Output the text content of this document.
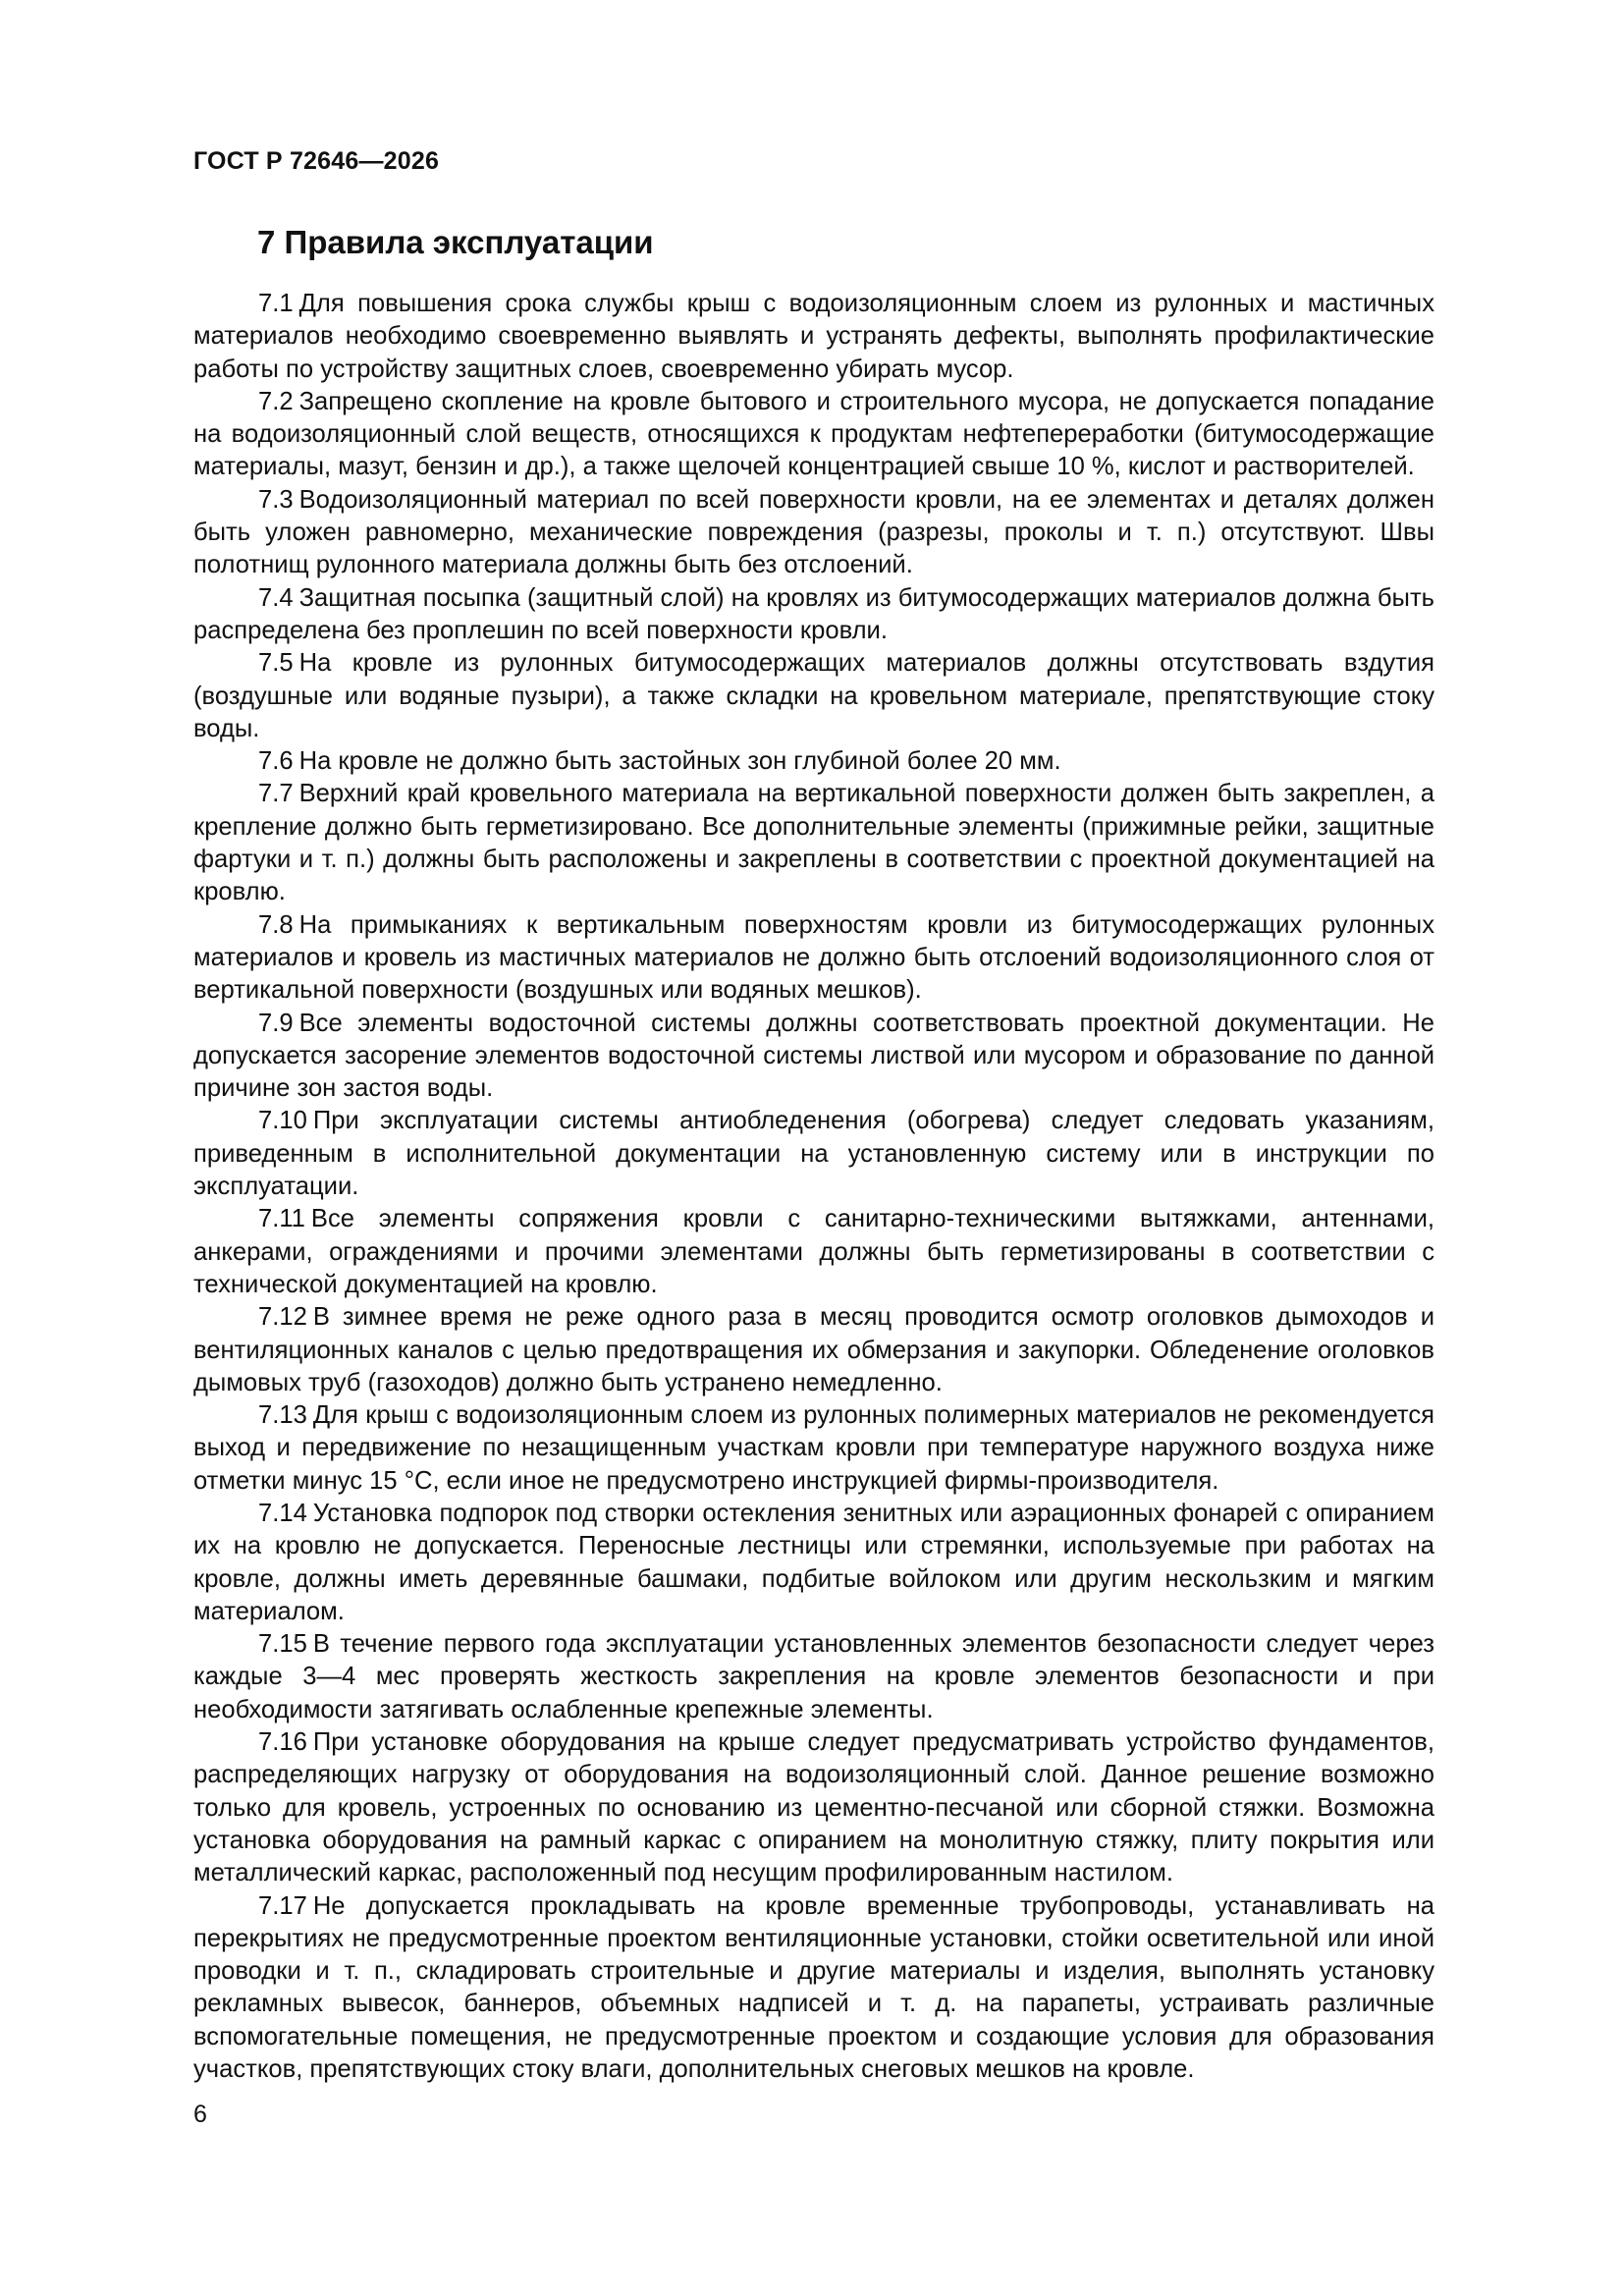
ГОСТ Р 72646—2026
7 Правила эксплуатации

7.1 Для повышения срока службы крыш с водоизоляционным слоем из рулонных и мастичных материалов необходимо своевременно выявлять и устранять дефекты, выполнять профилактические работы по устройству защитных слоев, своевременно убирать мусор.

7.2 Запрещено скопление на кровле бытового и строительного мусора, не допускается попадание на водоизоляционный слой веществ, относящихся к продуктам нефтепереработки (битумосодержащие материалы, мазут, бензин и др.), а также щелочей концентрацией свыше 10 %, кислот и растворителей.

7.3 Водоизоляционный материал по всей поверхности кровли, на ее элементах и деталях должен быть уложен равномерно, механические повреждения (разрезы, проколы и т. п.) отсутствуют. Швы полотнищ рулонного материала должны быть без отслоений.

7.4 Защитная посыпка (защитный слой) на кровлях из битумосодержащих материалов должна быть распределена без проплешин по всей поверхности кровли.

7.5 На кровле из рулонных битумосодержащих материалов должны отсутствовать вздутия (воздушные или водяные пузыри), а также складки на кровельном материале, препятствующие стоку воды.

7.6 На кровле не должно быть застойных зон глубиной более 20 мм.

7.7 Верхний край кровельного материала на вертикальной поверхности должен быть закреплен, а крепление должно быть герметизировано. Все дополнительные элементы (прижимные рейки, защитные фартуки и т. п.) должны быть расположены и закреплены в соответствии с проектной документацией на кровлю.

7.8 На примыканиях к вертикальным поверхностям кровли из битумосодержащих рулонных материалов и кровель из мастичных материалов не должно быть отслоений водоизоляционного слоя от вертикальной поверхности (воздушных или водяных мешков).

7.9 Все элементы водосточной системы должны соответствовать проектной документации. Не допускается засорение элементов водосточной системы листвой или мусором и образование по данной причине зон застоя воды.

7.10 При эксплуатации системы антиобледенения (обогрева) следует следовать указаниям, приведенным в исполнительной документации на установленную систему или в инструкции по эксплуатации.

7.11 Все элементы сопряжения кровли с санитарно-техническими вытяжками, антеннами, анкерами, ограждениями и прочими элементами должны быть герметизированы в соответствии с технической документацией на кровлю.

7.12 В зимнее время не реже одного раза в месяц проводится осмотр оголовков дымоходов и вентиляционных каналов с целью предотвращения их обмерзания и закупорки. Обледенение оголовков дымовых труб (газоходов) должно быть устранено немедленно.

7.13 Для крыш с водоизоляционным слоем из рулонных полимерных материалов не рекомендуется выход и передвижение по незащищенным участкам кровли при температуре наружного воздуха ниже отметки минус 15 °С, если иное не предусмотрено инструкцией фирмы-производителя.

7.14 Установка подпорок под створки остекления зенитных или аэрационных фонарей с опиранием их на кровлю не допускается. Переносные лестницы или стремянки, используемые при работах на кровле, должны иметь деревянные башмаки, подбитые войлоком или другим нескользким и мягким материалом.

7.15 В течение первого года эксплуатации установленных элементов безопасности следует через каждые 3—4 мес проверять жесткость закрепления на кровле элементов безопасности и при необходимости затягивать ослабленные крепежные элементы.

7.16 При установке оборудования на крыше следует предусматривать устройство фундаментов, распределяющих нагрузку от оборудования на водоизоляционный слой. Данное решение возможно только для кровель, устроенных по основанию из цементно-песчаной или сборной стяжки. Возможна установка оборудования на рамный каркас с опиранием на монолитную стяжку, плиту покрытия или металлический каркас, расположенный под несущим профилированным настилом.

7.17 Не допускается прокладывать на кровле временные трубопроводы, устанавливать на перекрытиях не предусмотренные проектом вентиляционные установки, стойки осветительной или иной проводки и т. п., складировать строительные и другие материалы и изделия, выполнять установку рекламных вывесок, баннеров, объемных надписей и т. д. на парапеты, устраивать различные вспомогательные помещения, не предусмотренные проектом и создающие условия для образования участков, препятствующих стоку влаги, дополнительных снеговых мешков на кровле.

6
